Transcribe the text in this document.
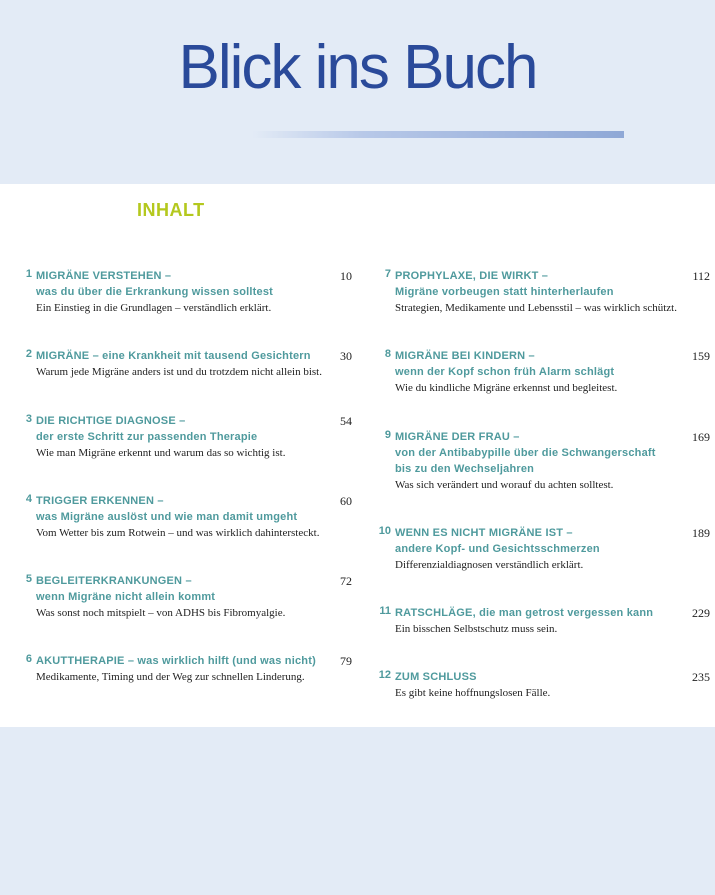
Blick ins Buch
INHALT
1 MIGRÄNE VERSTEHEN –
was du über die Erkrankung wissen solltest
Ein Einstieg in die Grundlagen – verständlich erklärt.
10
2 MIGRÄNE – eine Krankheit mit tausend Gesichtern
Warum jede Migräne anders ist und du trotzdem nicht allein bist.
30
3 DIE RICHTIGE DIAGNOSE –
der erste Schritt zur passenden Therapie
Wie man Migräne erkennt und warum das so wichtig ist.
54
4 TRIGGER ERKENNEN –
was Migräne auslöst und wie man damit umgeht
Vom Wetter bis zum Rotwein – und was wirklich dahintersteckt.
60
5 BEGLEITERKRANKUNGEN –
wenn Migräne nicht allein kommt
Was sonst noch mitspielt – von ADHS bis Fibromyalgie.
72
6 AKUTTHERAPIE – was wirklich hilft (und was nicht)
Medikamente, Timing und der Weg zur schnellen Linderung.
79
7 PROPHYLAXE, DIE WIRKT –
Migräne vorbeugen statt hinterherlaufen
Strategien, Medikamente und Lebensstil – was wirklich schützt.
112
8 MIGRÄNE BEI KINDERN –
wenn der Kopf schon früh Alarm schlägt
Wie du kindliche Migräne erkennst und begleitest.
159
9 MIGRÄNE DER FRAU –
von der Antibabypille über die Schwangerschaft
bis zu den Wechseljahren
Was sich verändert und worauf du achten solltest.
169
10 WENN ES NICHT MIGRÄNE IST –
andere Kopf- und Gesichtsschmerzen
Differenzialdiagnosen verständlich erklärt.
189
11 RATSCHLÄGE, die man getrost vergessen kann
Ein bisschen Selbstschutz muss sein.
229
12 ZUM SCHLUSS
Es gibt keine hoffnungslosen Fälle.
235
